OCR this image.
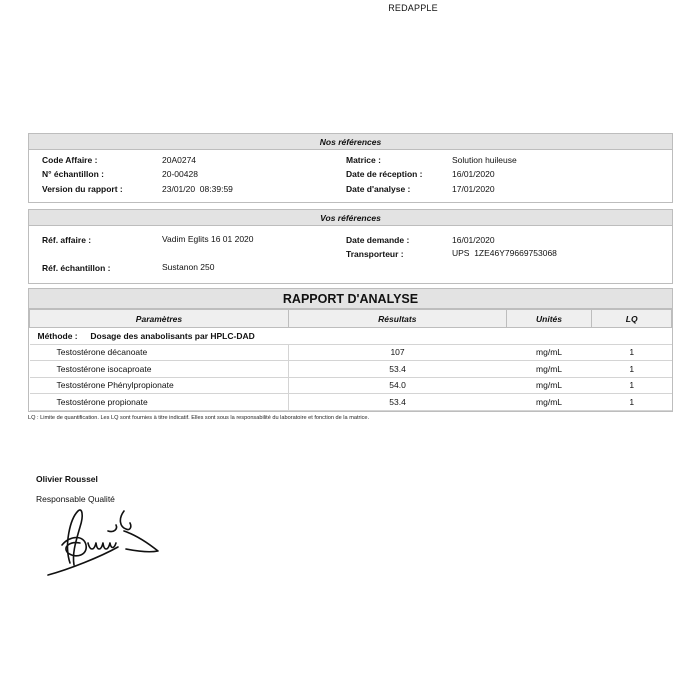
REDAPPLE
Nos références
Code Affaire :	20A0274
N° échantillon :	20-00428
Version du rapport :	23/01/20  08:39:59
Matrice :	Solution huileuse
Date de réception :	16/01/2020
Date d'analyse :	17/01/2020
Vos références
Réf. affaire :	Vadim Eglits 16 01 2020
Réf. échantillon :	Sustanon 250
Date demande :	16/01/2020
Transporteur :	UPS  1ZE46Y79669753068
RAPPORT D'ANALYSE
Paramètres	Résultats	Unités	LQ
Méthode : Dosage des anabolisants par HPLC-DAD			
Testostérone décanoate	107	mg/mL	1
Testostérone isocaproate	53.4	mg/mL	1
Testostérone Phénylpropionate	54.0	mg/mL	1
Testostérone propionate	53.4	mg/mL	1
LQ : Limite de quantification. Les LQ sont fournies à titre indicatif. Elles sont sous la responsabilité du laboratoire et fonction de la matrice.
Olivier Roussel
Responsable Qualité
